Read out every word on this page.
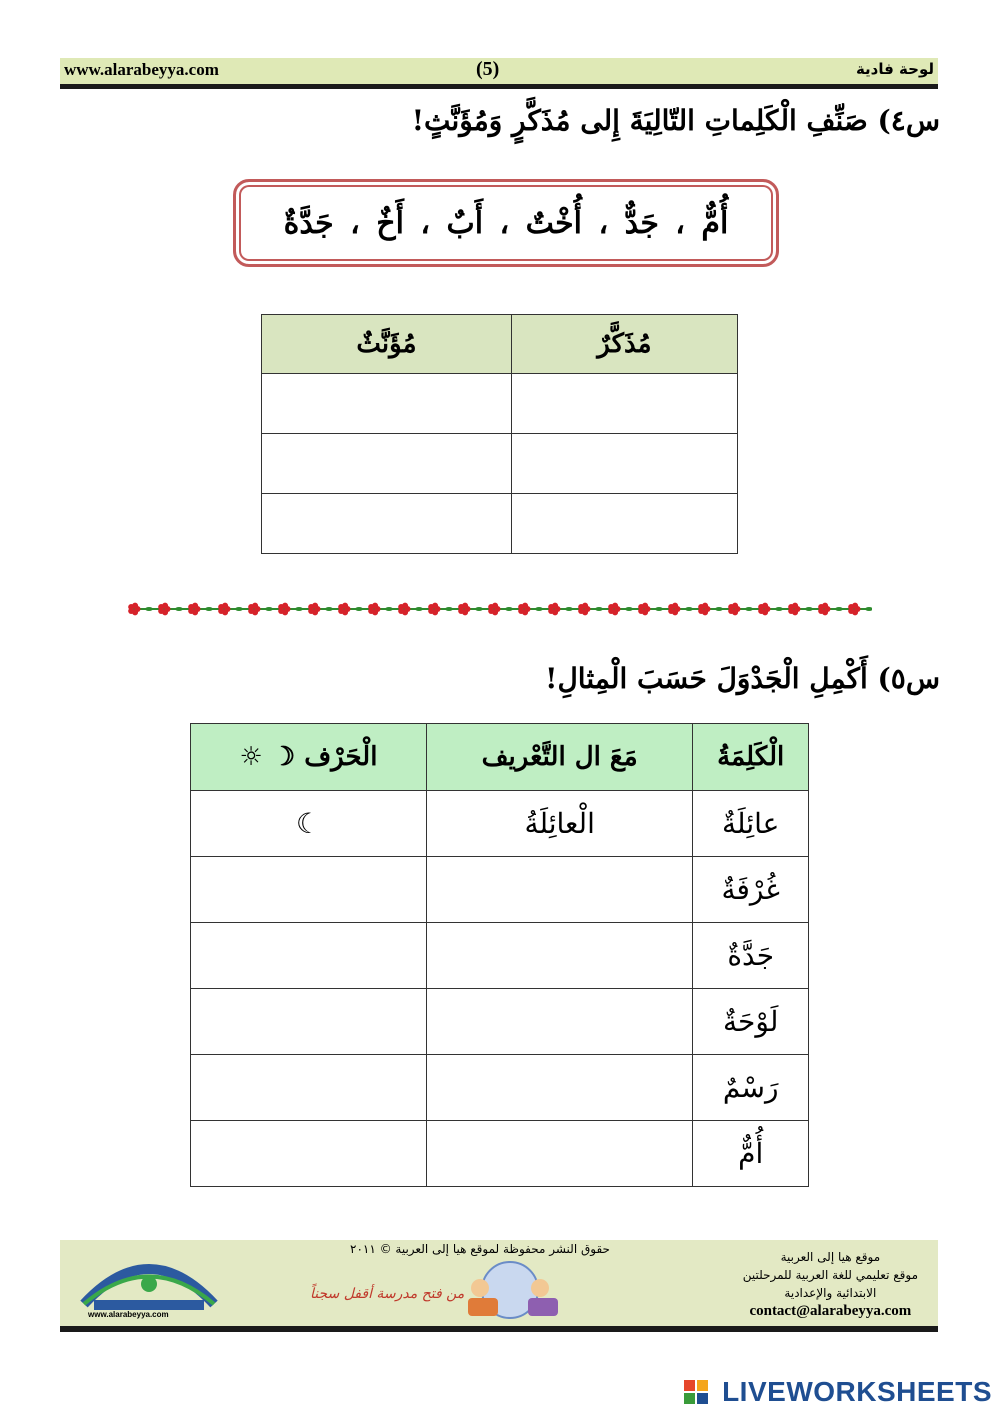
www.alarabeyya.com	(5)	لوحة فادية
س٤) صَنِّفِ الْكَلِماتِ التّالِيَةَ إِلى مُذَكَّرٍ وَمُؤَنَّثٍ!
أُمٌّ ، جَدٌّ ، أُخْتٌ ، أَبٌ ، أَخٌ ، جَدَّةٌ
مُذَكَّرٌ	مُؤَنَّثٌ

س٥) أَكْمِلِ الْجَدْوَلَ حَسَبَ الْمِثالِ!
الْكَلِمَةُ	مَعَ ال التَّعْريف	الْحَرْف ☽ ☼
عائِلَةٌ	الْعائِلَةُ	☾
غُرْفَةٌ		
جَدَّةٌ		
لَوْحَةٌ		
رَسْمٌ		
أُمٌّ		
www.alarabeyya.com
حقوق النشر محفوظة لموقع هيا إلى العربية © ٢٠١١
من فتح مدرسة أقفل سجناً
موقع هيا إلى العربية
موقع تعليمي للغة العربية للمرحلتين
الابتدائية والإعدادية
contact@alarabeyya.com
LIVEWORKSHEETS
